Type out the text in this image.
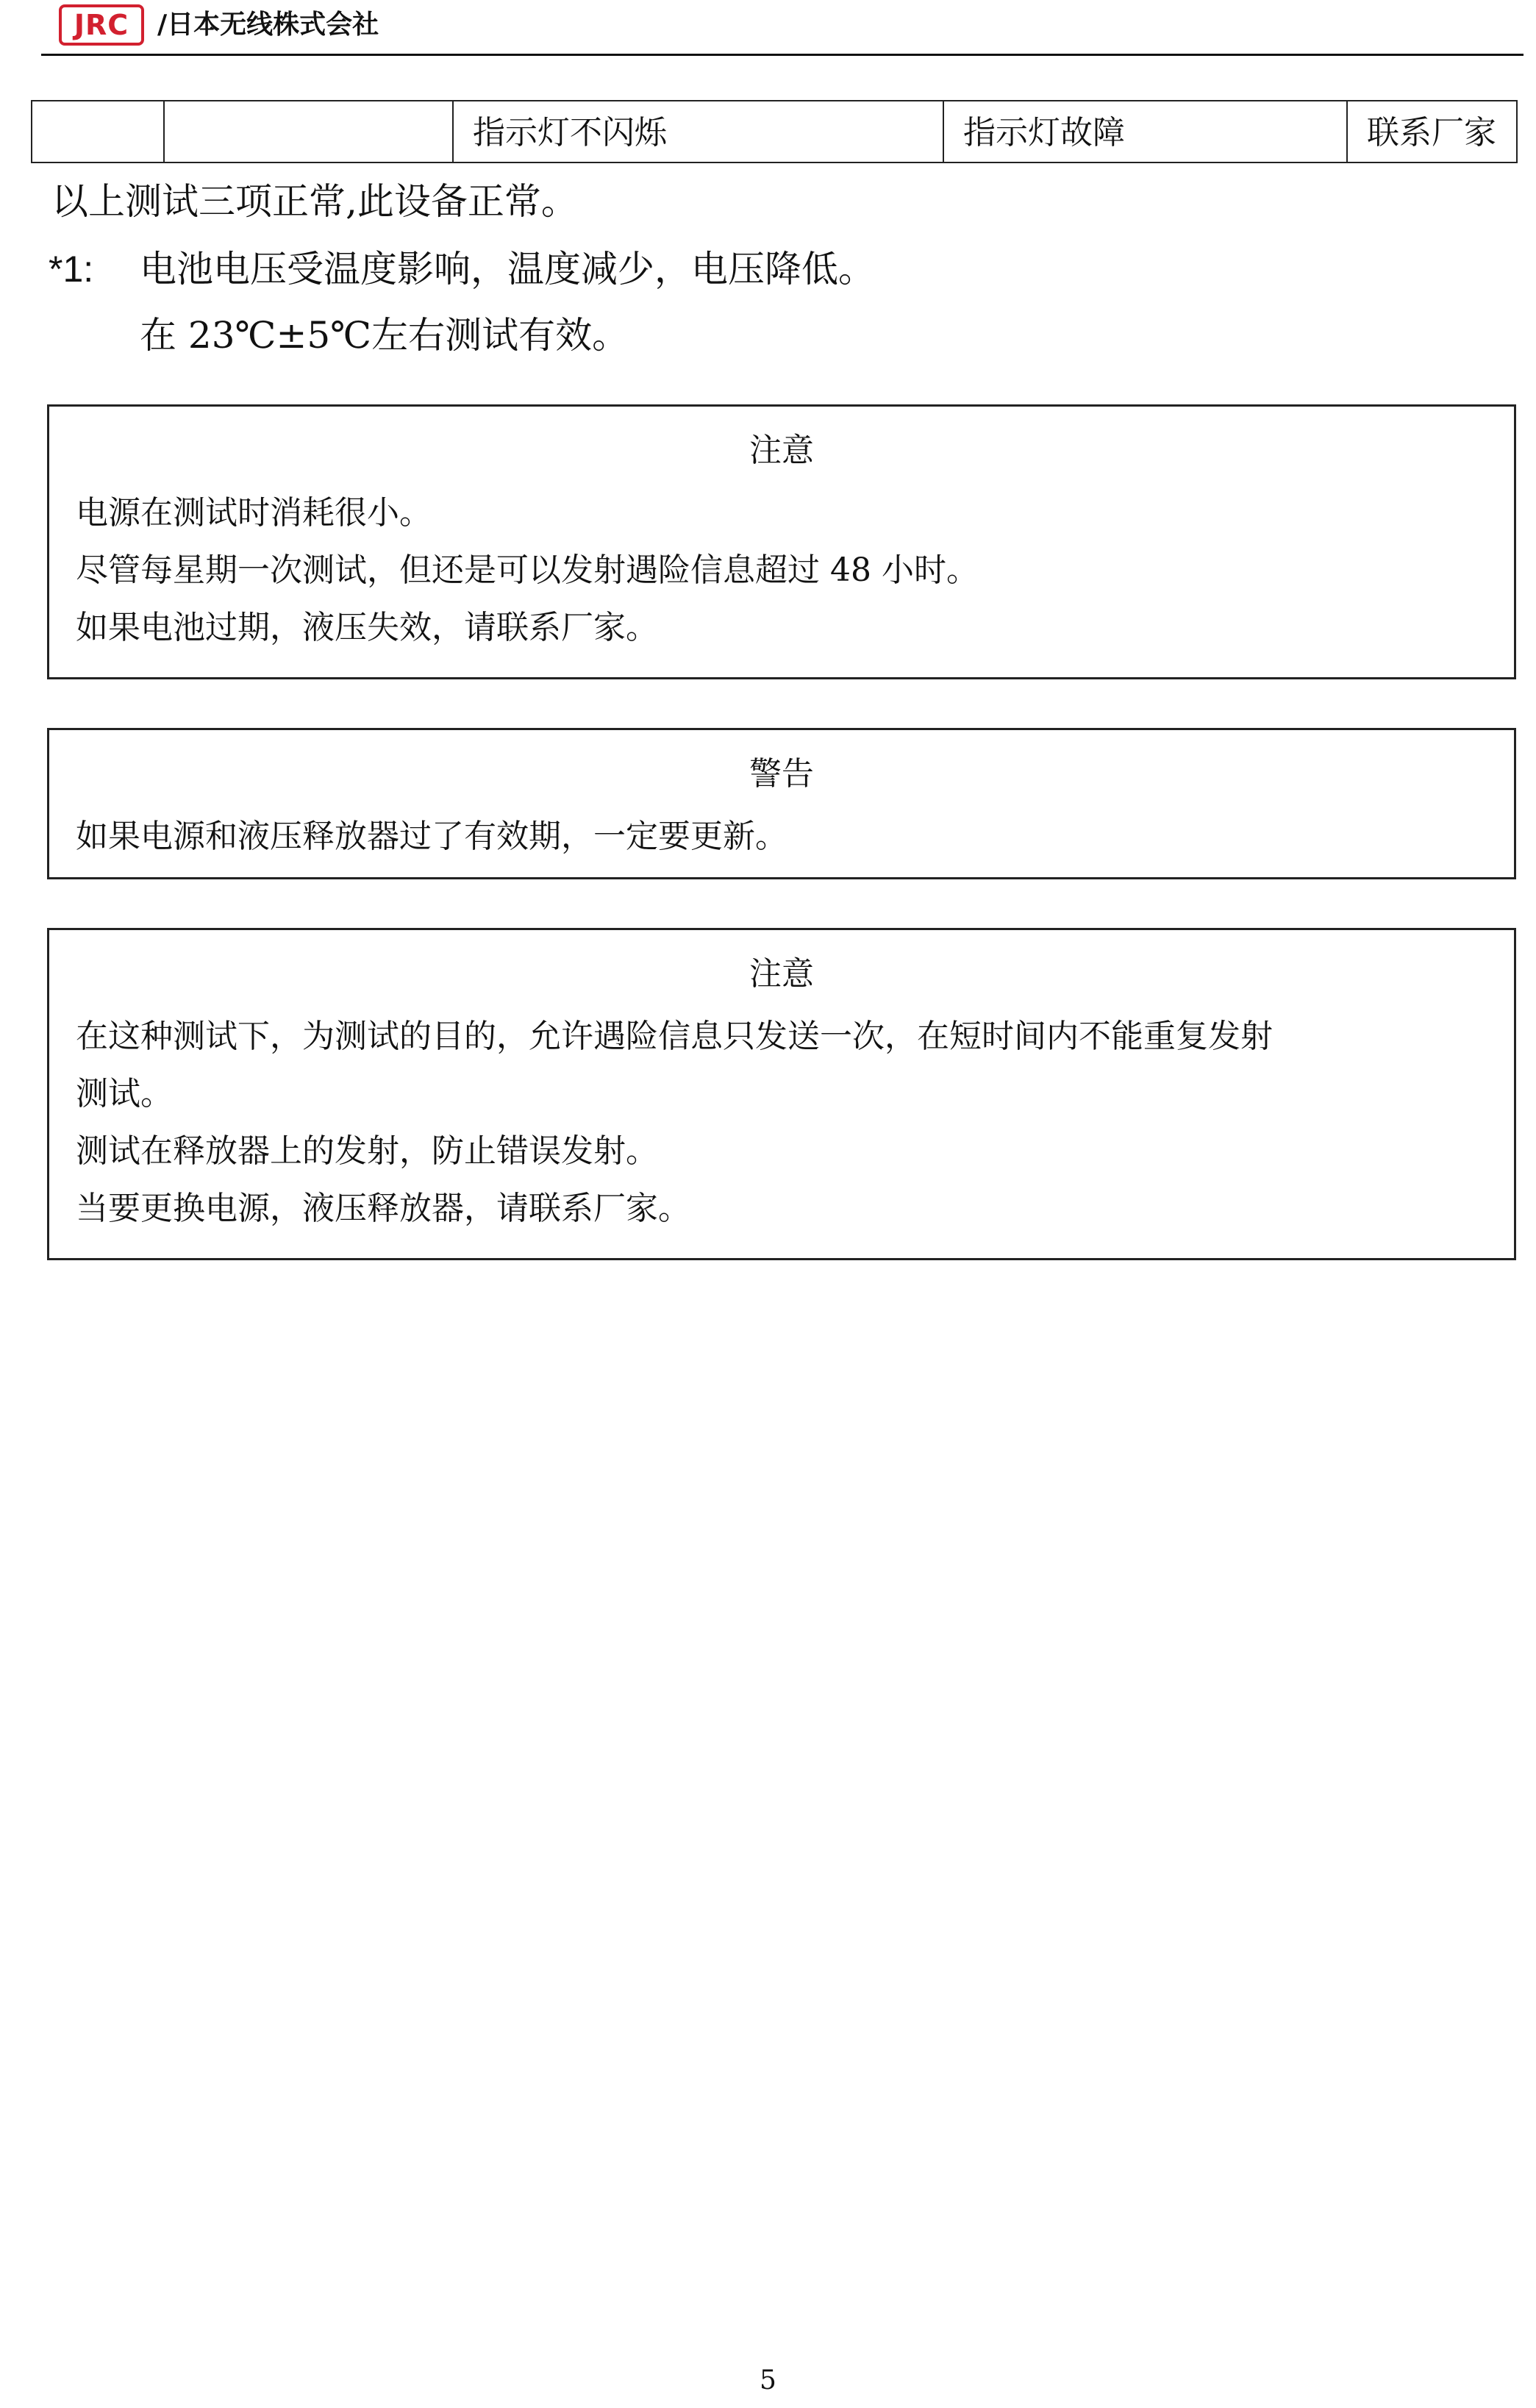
JRC	/日本无线株式会社
		指示灯不闪烁	指示灯故障	联系厂家
以上测试三项正常,此设备正常。
*1: 电池电压受温度影响，温度减少，电压降低。
在 23℃±5℃左右测试有效。
注意
电源在测试时消耗很小。
尽管每星期一次测试，但还是可以发射遇险信息超过 48 小时。
如果电池过期，液压失效，请联系厂家。
警告
如果电源和液压释放器过了有效期，一定要更新。
注意
在这种测试下，为测试的目的，允许遇险信息只发送一次，在短时间内不能重复发射
测试。
测试在释放器上的发射，防止错误发射。
当要更换电源，液压释放器，请联系厂家。
5
